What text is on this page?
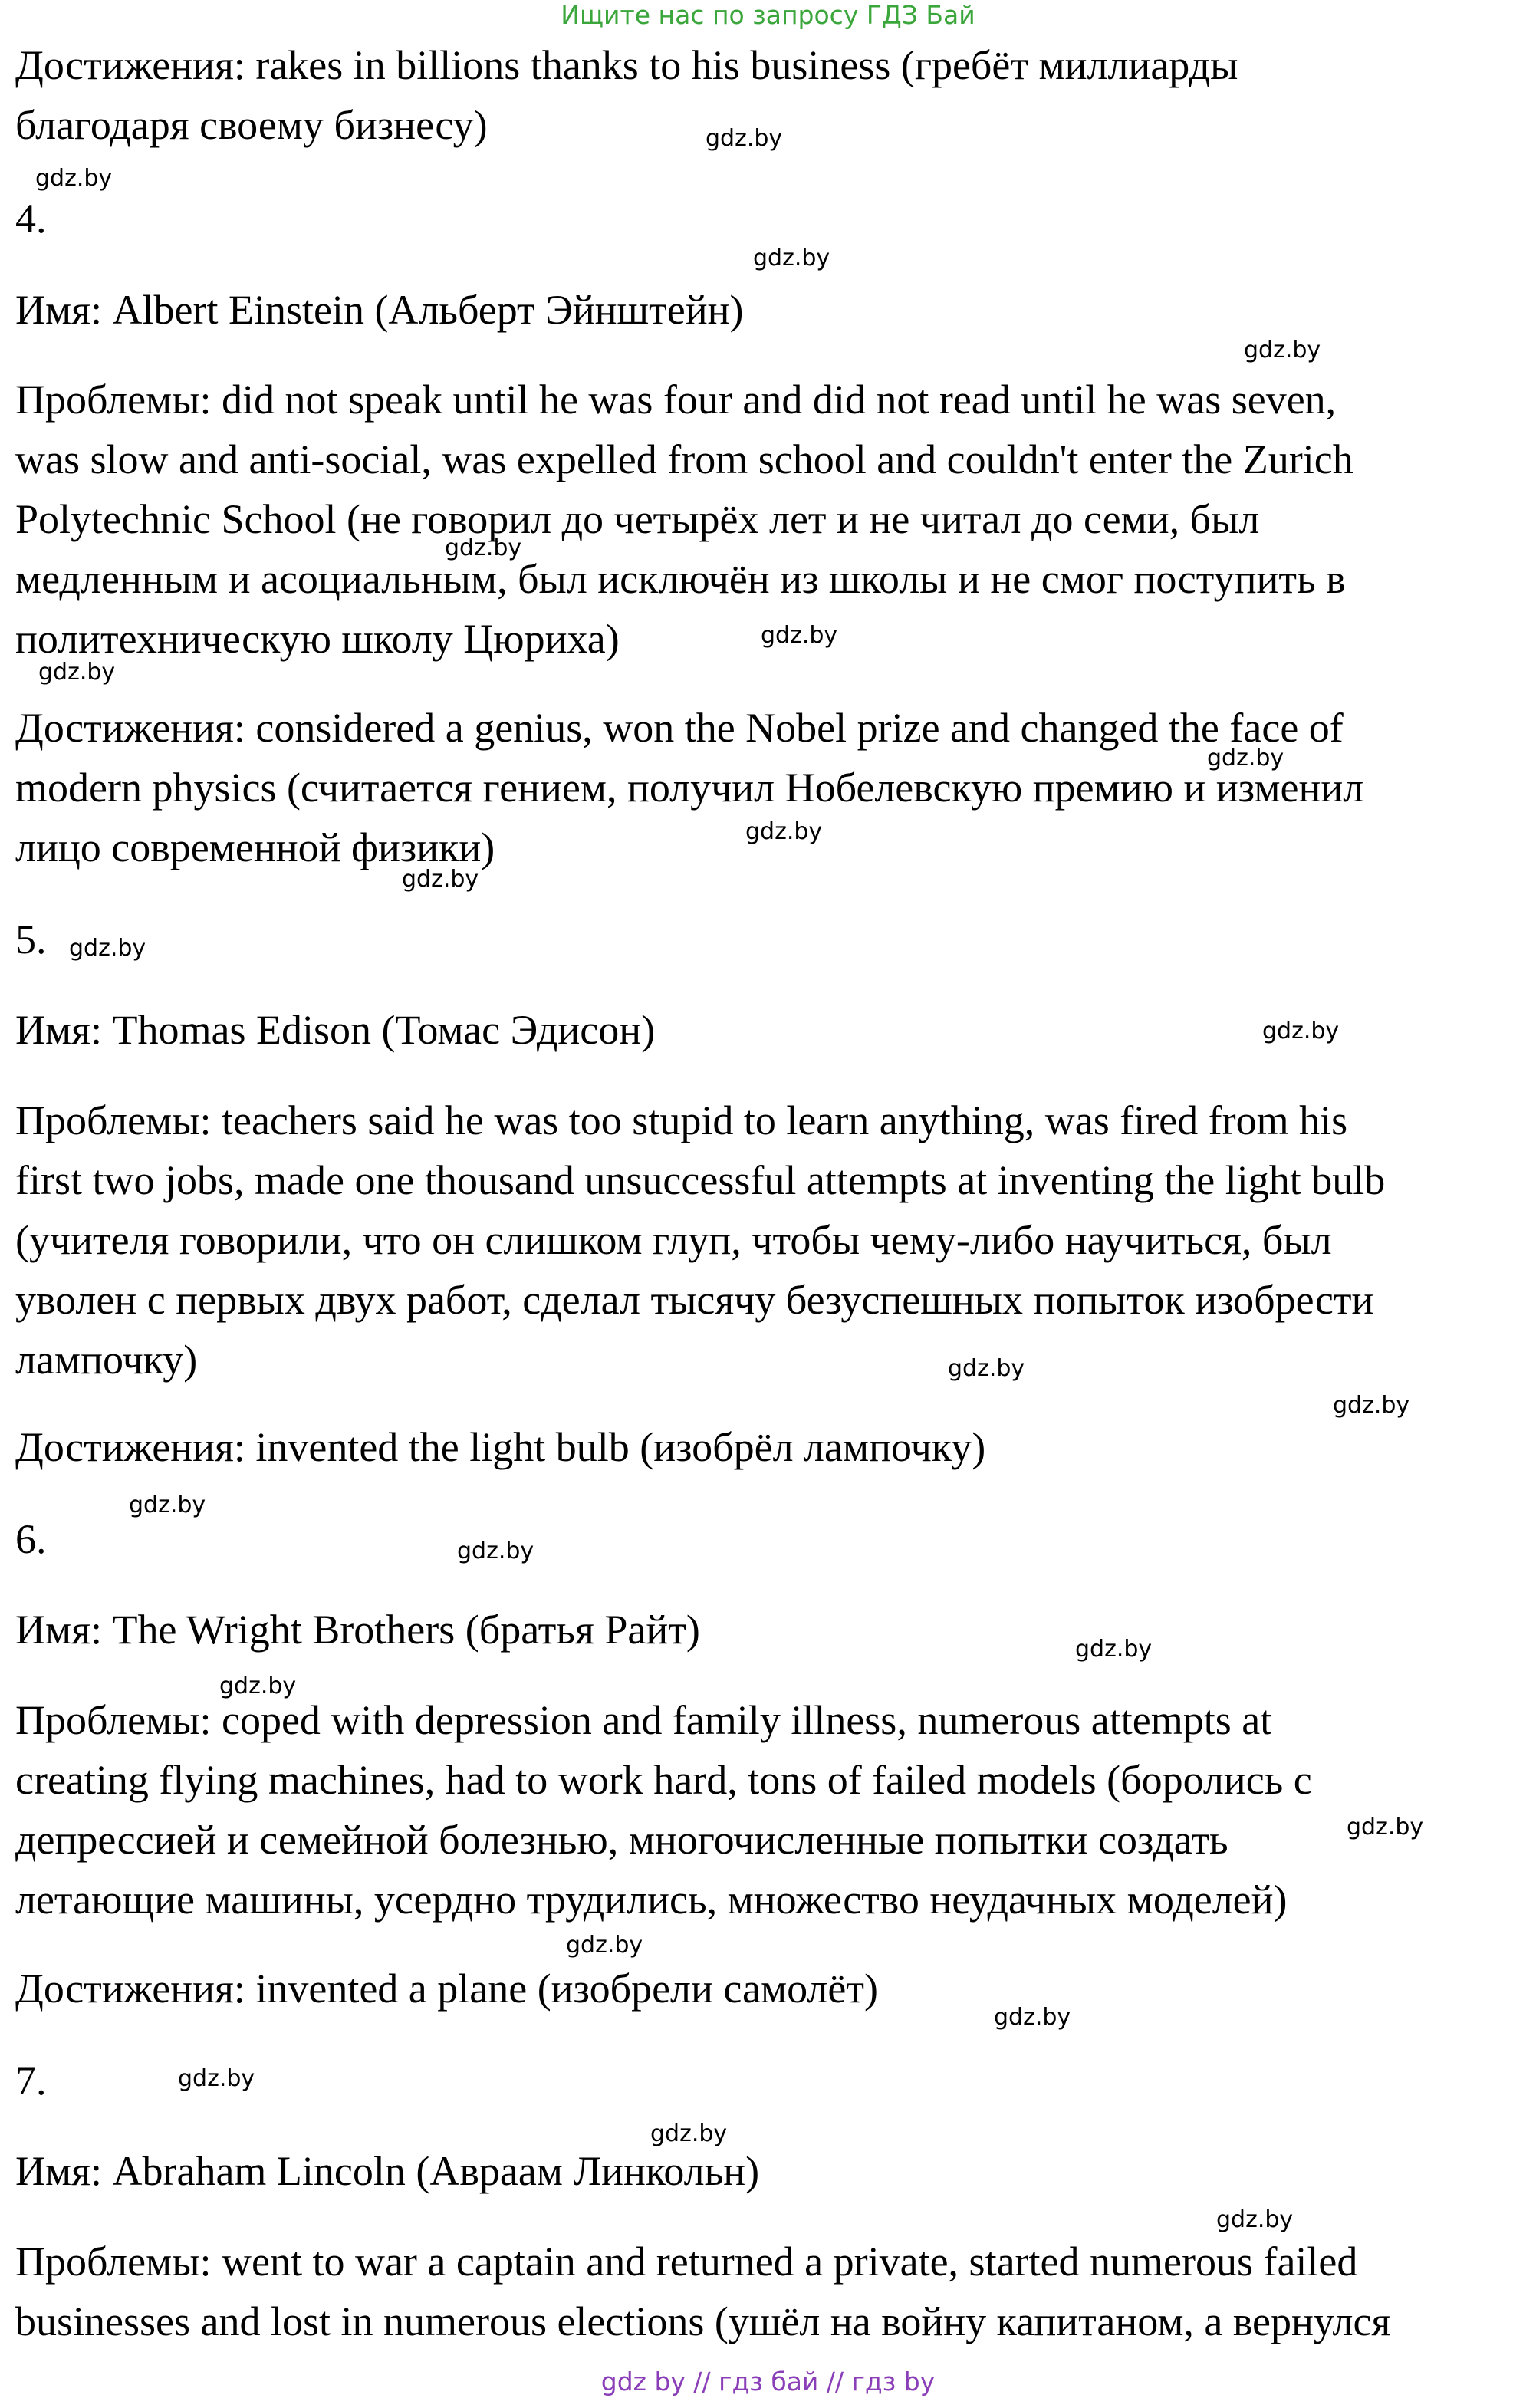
Ищите нас по запросу ГДЗ Бай

Достижения: rakes in billions thanks to his business (гребёт миллиарды

благодаря своему бизнесу)

4.

Имя: Albert Einstein (Альберт Эйнштейн)

Проблемы: did not speak until he was four and did not read until he was seven,

was slow and anti-social, was expelled from school and couldn't enter the Zurich

Polytechnic School (не говорил до четырёх лет и не читал до семи, был

медленным и асоциальным, был исключён из школы и не смог поступить в

политехническую школу Цюриха)

Достижения: considered a genius, won the Nobel prize and changed the face of

modern physics (считается гением, получил Нобелевскую премию и изменил

лицо современной физики)

5.

Имя: Thomas Edison (Томас Эдисон)

Проблемы: teachers said he was too stupid to learn anything, was fired from his

first two jobs, made one thousand unsuccessful attempts at inventing the light bulb

(учителя говорили, что он слишком глуп, чтобы чему-либо научиться, был

уволен с первых двух работ, сделал тысячу безуспешных попыток изобрести

лампочку)

Достижения: invented the light bulb (изобрёл лампочку)

6.

Имя: The Wright Brothers (братья Райт)

Проблемы: coped with depression and family illness, numerous attempts at

creating flying machines, had to work hard, tons of failed models (боролись с

депрессией и семейной болезнью, многочисленные попытки создать

летающие машины, усердно трудились, множество неудачных моделей)

Достижения: invented a plane (изобрели самолёт)

7.

Имя: Abraham Lincoln (Авраам Линкольн)

Проблемы: went to war a captain and returned a private, started numerous failed

businesses and lost in numerous elections (ушёл на войну капитаном, а вернулся

gdz.by
gdz.by
gdz.by
gdz.by
gdz.by
gdz.by
gdz.by
gdz.by
gdz.by
gdz.by
gdz.by
gdz.by
gdz.by
gdz.by
gdz.by
gdz.by
gdz.by
gdz.by
gdz.by
gdz.by
gdz.by
gdz.by
gdz.by
gdz.by
gdz by // гдз бай // гдз by
